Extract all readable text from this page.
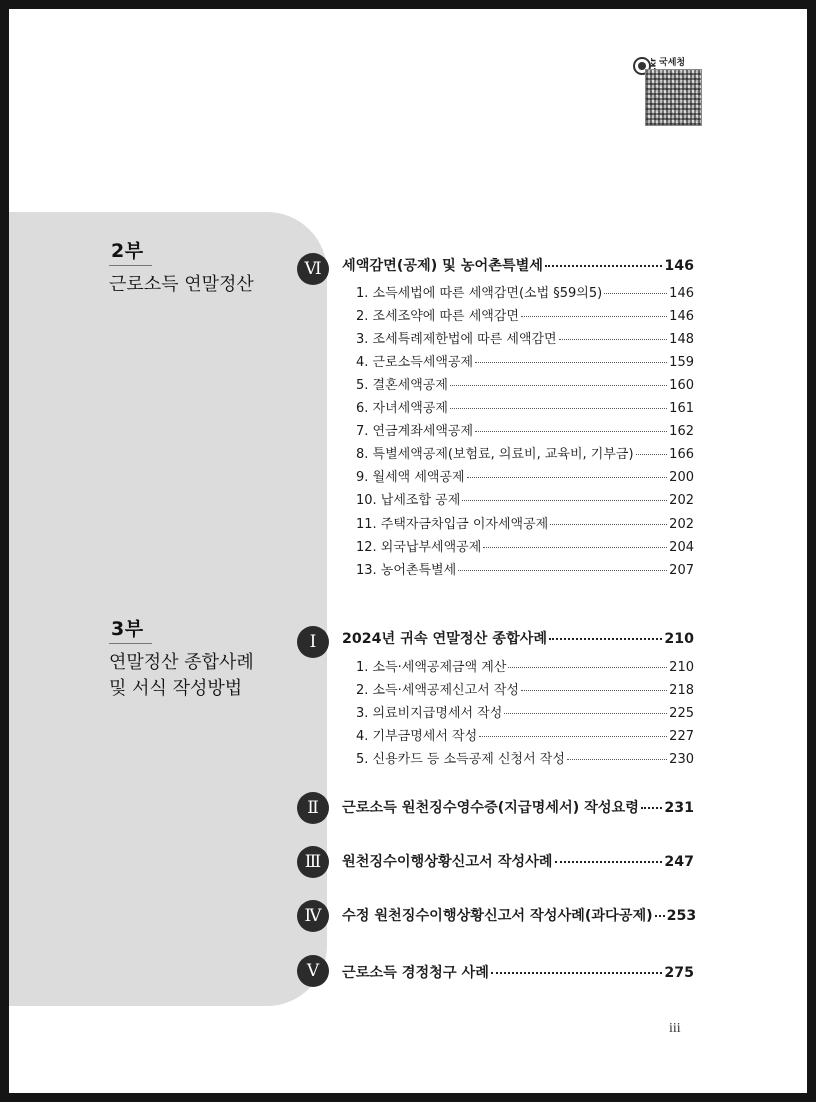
국세청
2부
근로소득 연말정산
3부
연말정산 종합사례
및 서식 작성방법
Ⅵ	세액감면(공제) 및 농어촌특별세	146
1. 소득세법에 따른 세액감면(소법 §59의5)	146
2. 조세조약에 따른 세액감면	146
3. 조세특례제한법에 따른 세액감면	148
4. 근로소득세액공제	159
5. 결혼세액공제	160
6. 자녀세액공제	161
7. 연금계좌세액공제	162
8. 특별세액공제(보험료, 의료비, 교육비, 기부금)	166
9. 월세액 세액공제	200
10. 납세조합 공제	202
11. 주택자금차입금 이자세액공제	202
12. 외국납부세액공제	204
13. 농어촌특별세	207
Ⅰ	2024년 귀속 연말정산 종합사례	210
1. 소득·세액공제금액 계산	210
2. 소득·세액공제신고서 작성	218
3. 의료비지급명세서 작성	225
4. 기부금명세서 작성	227
5. 신용카드 등 소득공제 신청서 작성	230
Ⅱ	근로소득 원천징수영수증(지급명세서) 작성요령 231
Ⅲ	원천징수이행상황신고서 작성사례	247
Ⅳ	수정 원천징수이행상황신고서 작성사례(과다공제) 253
Ⅴ	근로소득 경정청구 사례	275
iii
